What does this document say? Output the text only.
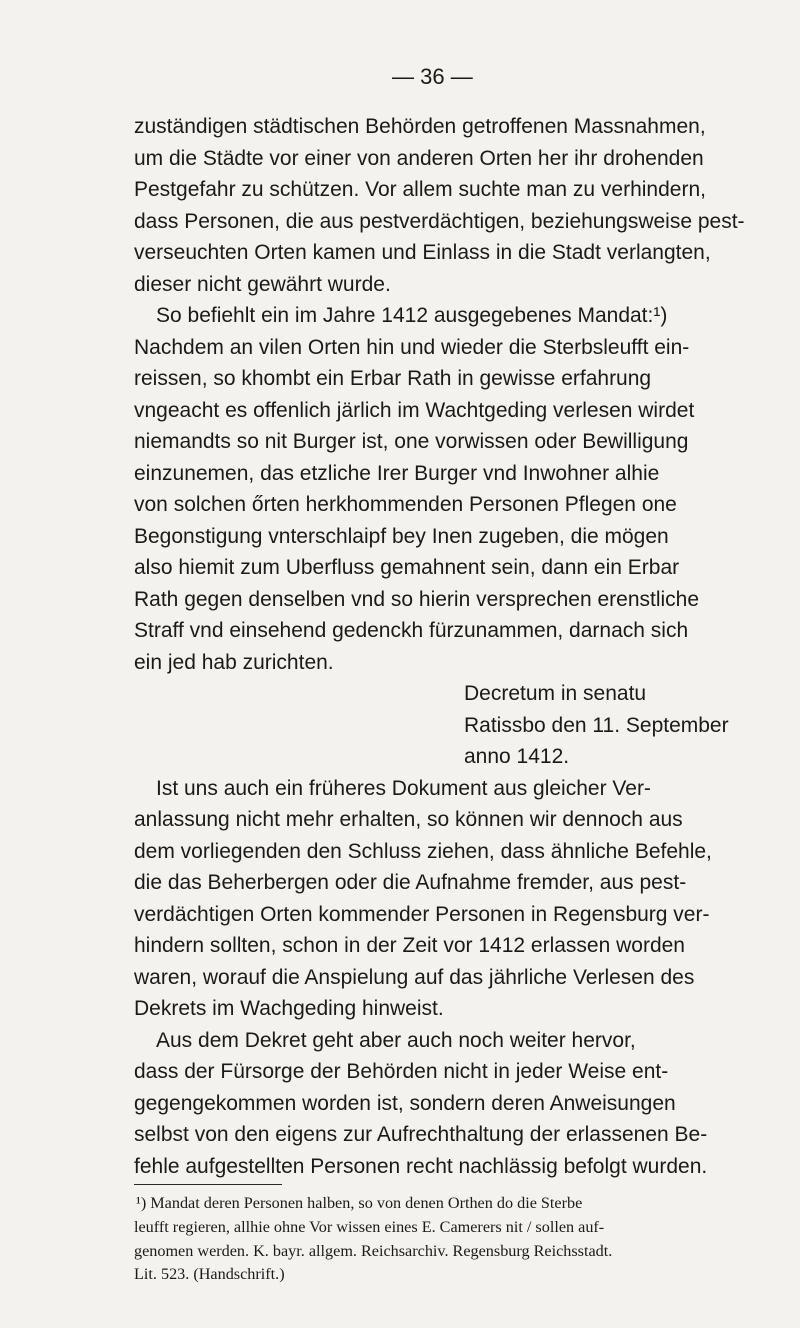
— 36 —
zuständigen städtischen Behörden getroffenen Massnahmen,
um die Städte vor einer von anderen Orten her ihr drohenden
Pestgefahr zu schützen. Vor allem suchte man zu verhindern,
dass Personen, die aus pestverdächtigen, beziehungsweise pest-
verseuchten Orten kamen und Einlass in die Stadt verlangten,
dieser nicht gewährt wurde.
So befiehlt ein im Jahre 1412 ausgegebenes Mandat:¹)
Nachdem an vilen Orten hin und wieder die Sterbsleufft ein-
reissen, so khombt ein Erbar Rath in gewisse erfahrung
vngeacht es offenlich järlich im Wachtgeding verlesen wirdet
niemandts so nit Burger ist, one vorwissen oder Bewilligung
einzunemen, das etzliche Irer Burger vnd Inwohner alhie
von solchen őrten herkhommenden Personen Pflegen one
Begonstigung vnterschlaipf bey Inen zugeben, die mögen
also hiemit zum Uberfluss gemahnent sein, dann ein Erbar
Rath gegen denselben vnd so hierin versprechen erenstliche
Straff vnd einsehend gedenckh fürzunammen, darnach sich
ein jed hab zurichten.
Decretum in senatu
Ratissbo den 11. September
anno 1412.
Ist uns auch ein früheres Dokument aus gleicher Ver-
anlassung nicht mehr erhalten, so können wir dennoch aus
dem vorliegenden den Schluss ziehen, dass ähnliche Befehle,
die das Beherbergen oder die Aufnahme fremder, aus pest-
verdächtigen Orten kommender Personen in Regensburg ver-
hindern sollten, schon in der Zeit vor 1412 erlassen worden
waren, worauf die Anspielung auf das jährliche Verlesen des
Dekrets im Wachgeding hinweist.
Aus dem Dekret geht aber auch noch weiter hervor,
dass der Fürsorge der Behörden nicht in jeder Weise ent-
gegengekommen worden ist, sondern deren Anweisungen
selbst von den eigens zur Aufrechthaltung der erlassenen Be-
fehle aufgestellten Personen recht nachlässig befolgt wurden.
¹) Mandat deren Personen halben, so von denen Orthen do die Sterbe
leufft regieren, allhie ohne Vor wissen eines E. Camerers nit / sollen auf-
genomen werden. K. bayr. allgem. Reichsarchiv. Regensburg Reichsstadt.
Lit. 523. (Handschrift.)
